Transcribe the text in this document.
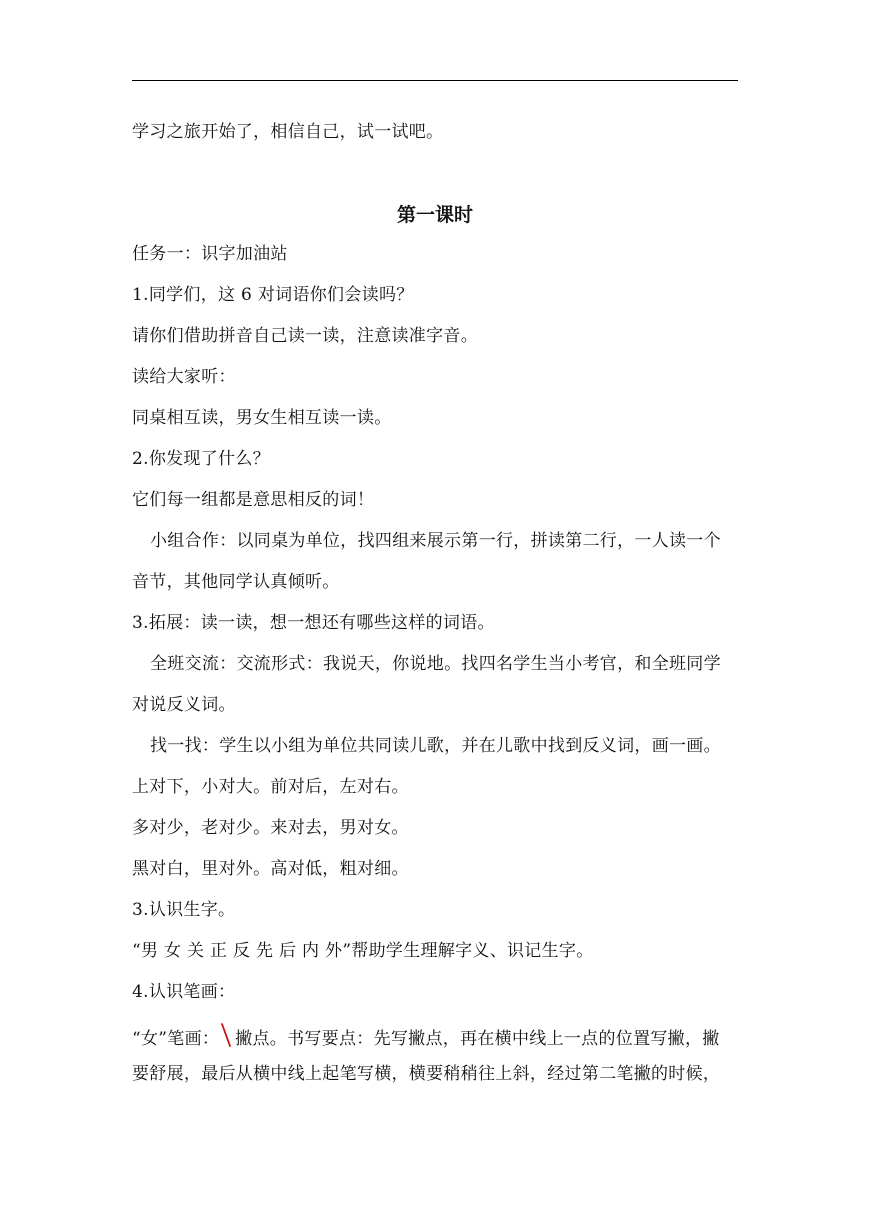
学习之旅开始了，相信自己，试一试吧。
第一课时
任务一：识字加油站
1.同学们，这 6 对词语你们会读吗？
请你们借助拼音自己读一读，注意读准字音。
读给大家听：
同桌相互读，男女生相互读一读。
2.你发现了什么？
它们每一组都是意思相反的词！
小组合作：以同桌为单位，找四组来展示第一行，拼读第二行，一人读一个
音节，其他同学认真倾听。
3.拓展：读一读，想一想还有哪些这样的词语。
全班交流：交流形式：我说天，你说地。找四名学生当小考官，和全班同学
对说反义词。
找一找：学生以小组为单位共同读儿歌，并在儿歌中找到反义词，画一画。
上对下，小对大。前对后，左对右。
多对少，老对少。来对去，男对女。
黑对白，里对外。高对低，粗对细。
3.认识生字。
“男 女 关 正 反 先 后 内 外”帮助学生理解字义、识记生字。
4.认识笔画：
“女”笔画： 撇点。书写要点：先写撇点，再在横中线上一点的位置写撇，撇
要舒展，最后从横中线上起笔写横，横要稍稍往上斜，经过第二笔撇的时候，
